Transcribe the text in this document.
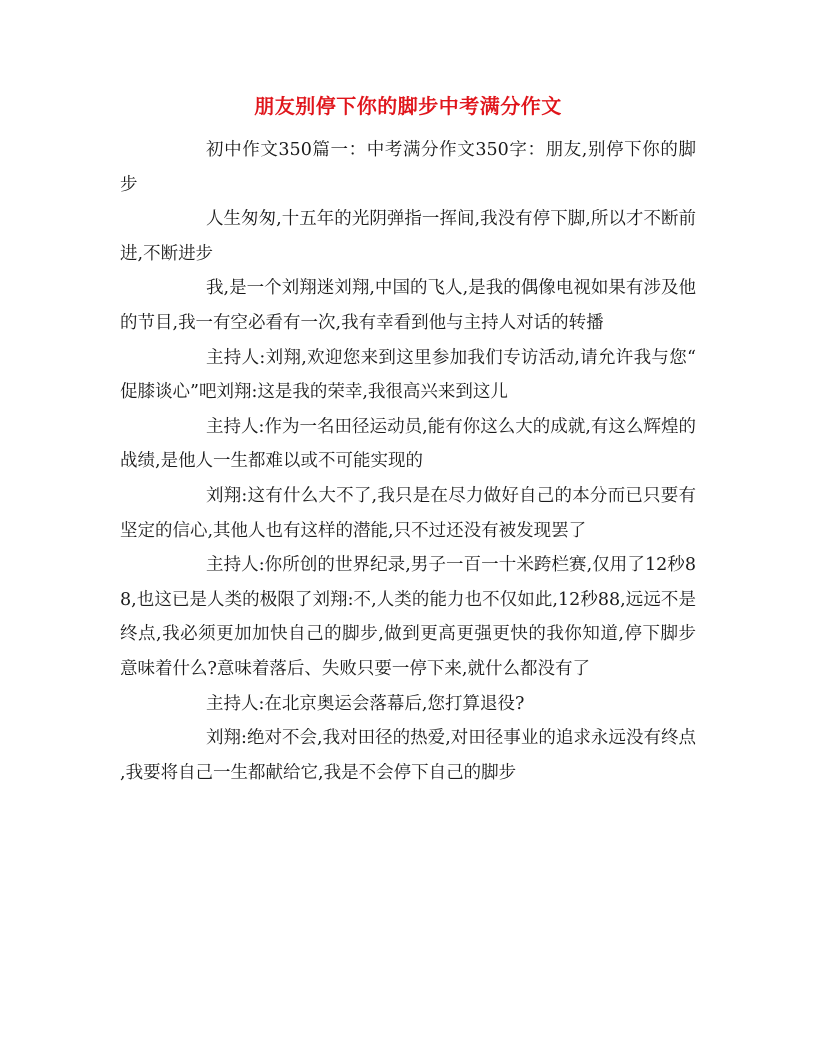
朋友别停下你的脚步中考满分作文

初中作文350篇一：中考满分作文350字：朋友,别停下你的脚步

人生匆匆,十五年的光阴弹指一挥间,我没有停下脚,所以才不断前进,不断进步

我,是一个刘翔迷刘翔,中国的飞人,是我的偶像电视如果有涉及他的节目,我一有空必看有一次,我有幸看到他与主持人对话的转播

主持人:刘翔,欢迎您来到这里参加我们专访活动,请允许我与您“促膝谈心”吧刘翔:这是我的荣幸,我很高兴来到这儿

主持人:作为一名田径运动员,能有你这么大的成就,有这么辉煌的战绩,是他人一生都难以或不可能实现的

刘翔:这有什么大不了,我只是在尽力做好自己的本分而已只要有坚定的信心,其他人也有这样的潜能,只不过还没有被发现罢了

主持人:你所创的世界纪录,男子一百一十米跨栏赛,仅用了12秒88,也这已是人类的极限了刘翔:不,人类的能力也不仅如此,12秒88,远远不是终点,我必须更加加快自己的脚步,做到更高更强更快的我你知道,停下脚步意味着什么?意味着落后、失败只要一停下来,就什么都没有了

主持人:在北京奥运会落幕后,您打算退役?

刘翔:绝对不会,我对田径的热爱,对田径事业的追求永远没有终点,我要将自己一生都献给它,我是不会停下自己的脚步
